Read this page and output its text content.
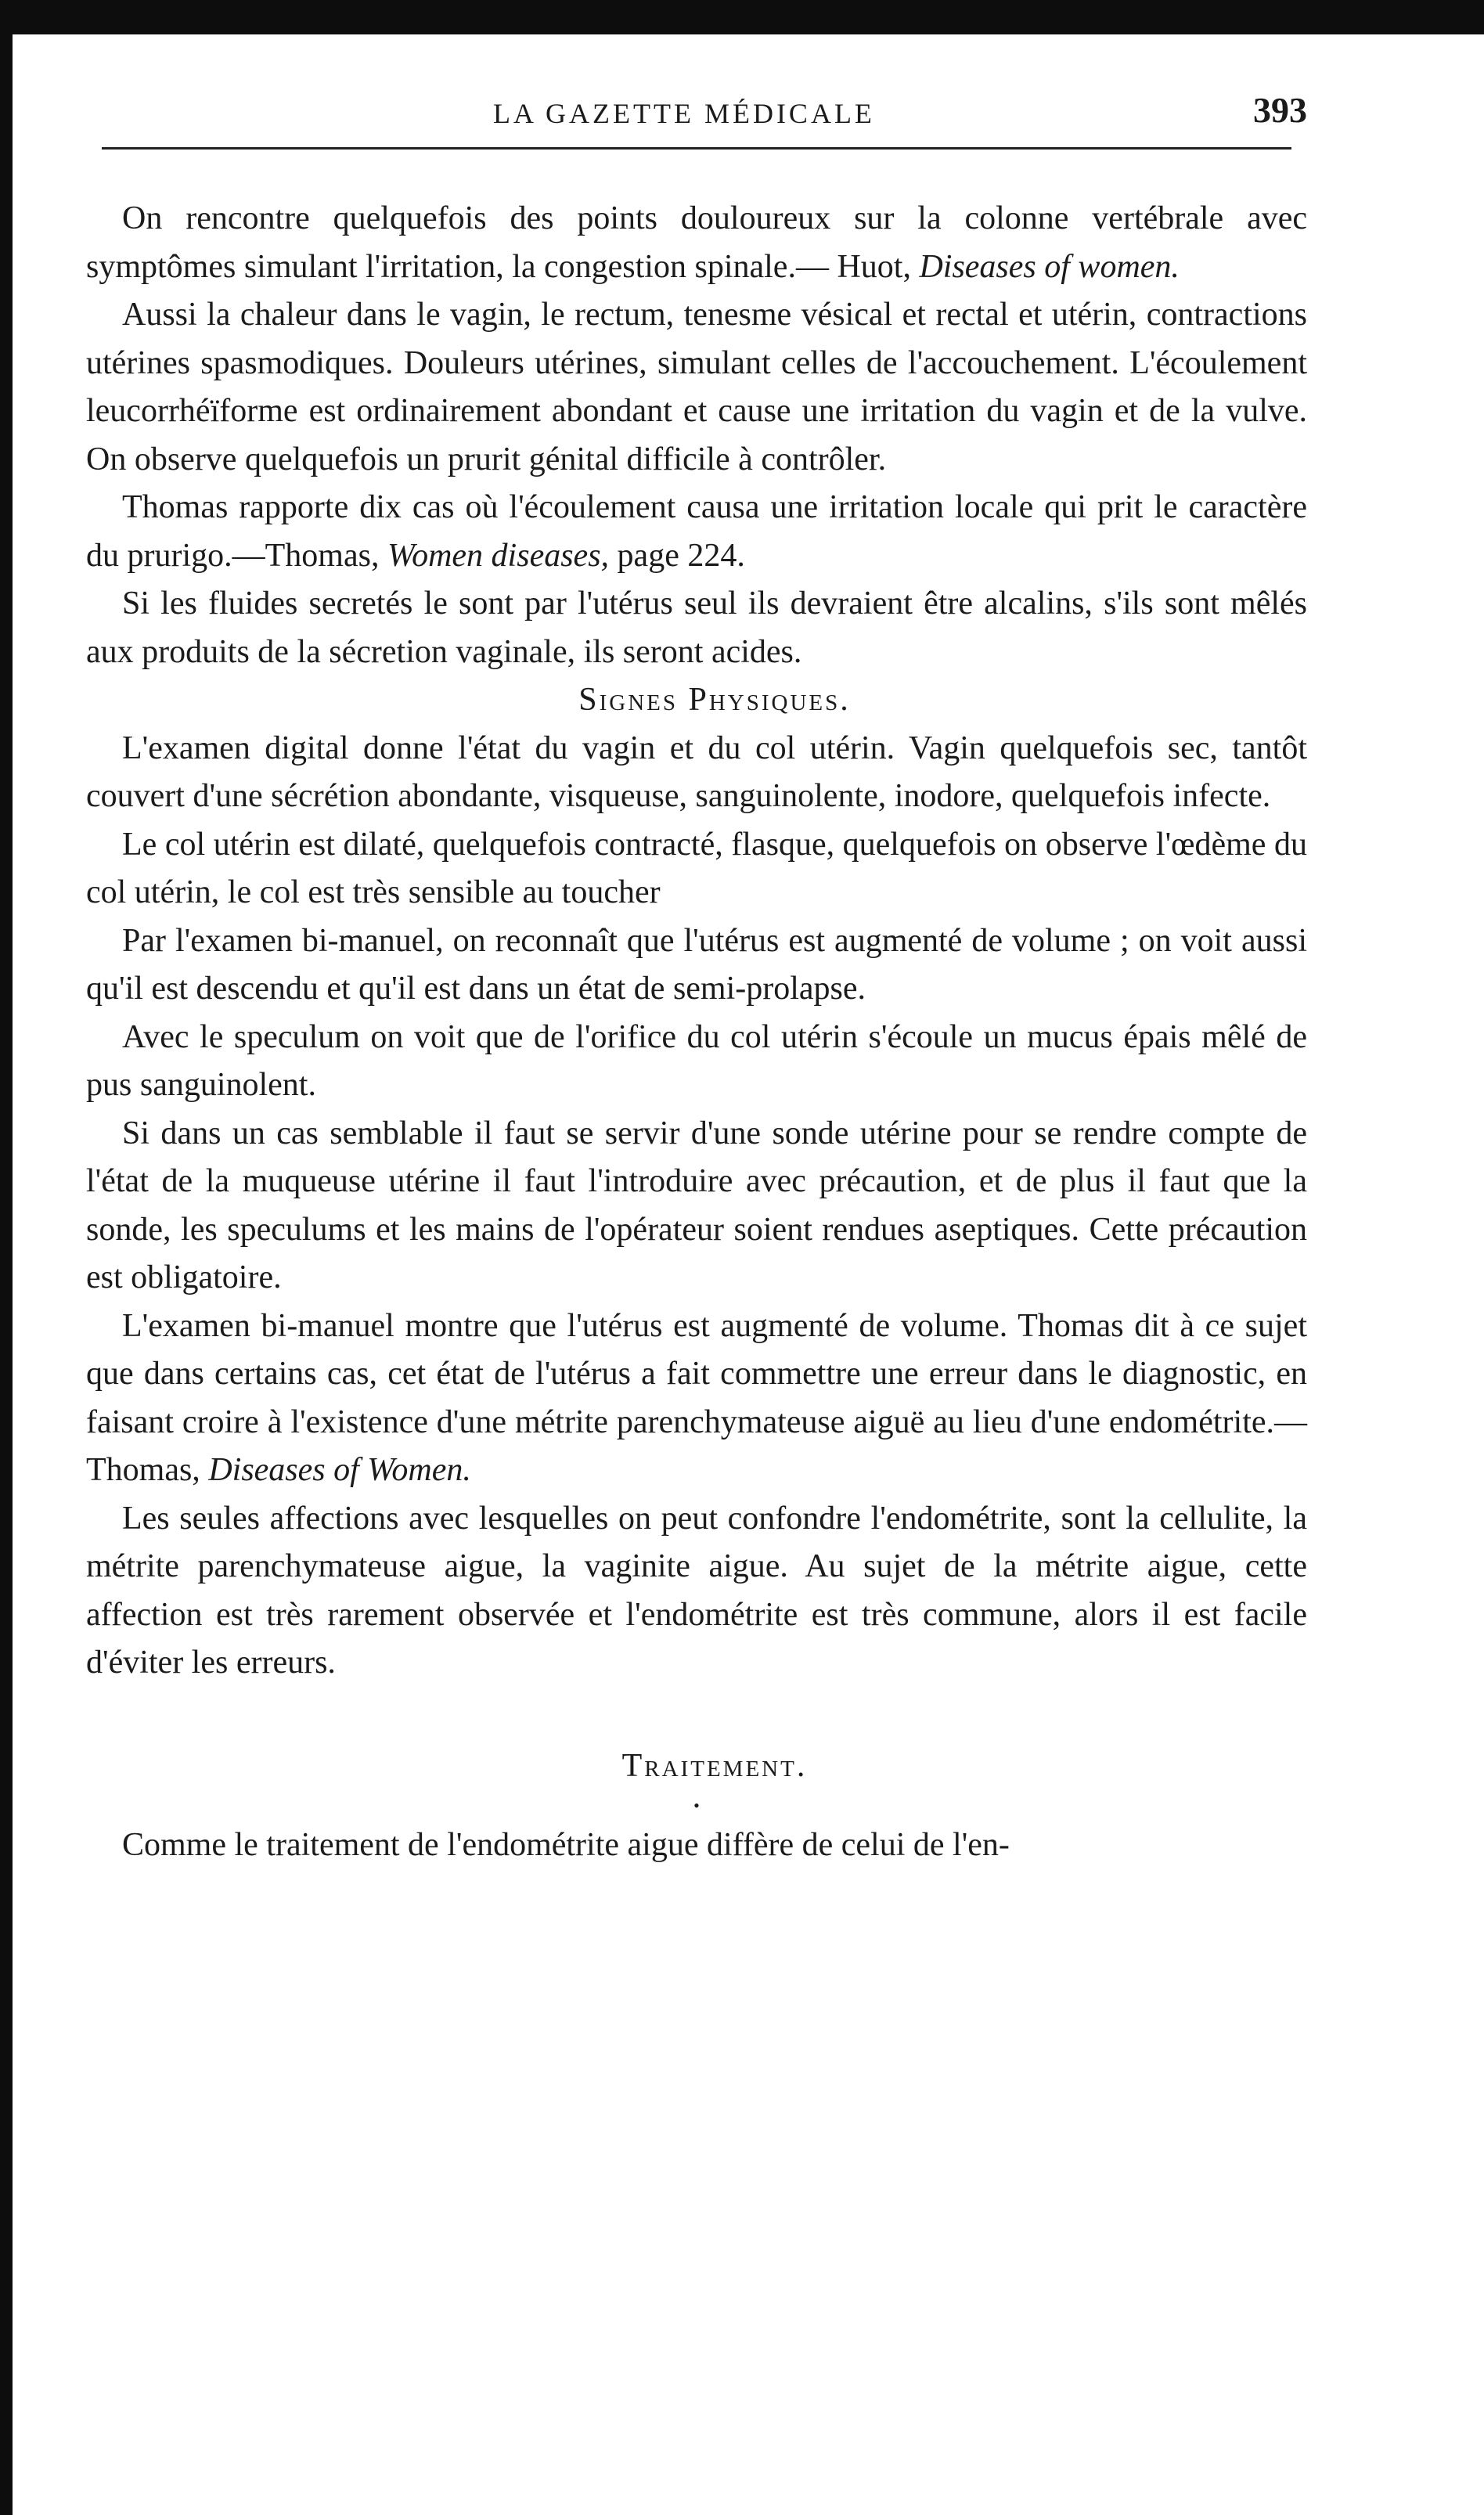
LA GAZETTE MÉDICALE	393

On rencontre quelquefois des points douloureux sur la colonne vertébrale avec symptômes simulant l'irritation, la congestion spinale.— Huot, Diseases of women.

Aussi la chaleur dans le vagin, le rectum, tenesme vésical et rectal et utérin, contractions utérines spasmodiques. Douleurs utérines, simulant celles de l'accouchement. L'écoulement leucorrhéïforme est ordinairement abondant et cause une irritation du vagin et de la vulve. On observe quelquefois un prurit génital difficile à contrôler.

Thomas rapporte dix cas où l'écoulement causa une irritation locale qui prit le caractère du prurigo.—Thomas, Women diseases, page 224.

Si les fluides secretés le sont par l'utérus seul ils devraient être alcalins, s'ils sont mêlés aux produits de la sécretion vaginale, ils seront acides.

Signes Physiques.

L'examen digital donne l'état du vagin et du col utérin. Vagin quelquefois sec, tantôt couvert d'une sécrétion abondante, visqueuse, sanguinolente, inodore, quelquefois infecte.

Le col utérin est dilaté, quelquefois contracté, flasque, quelquefois on observe l'œdème du col utérin, le col est très sensible au toucher

Par l'examen bi-manuel, on reconnaît que l'utérus est augmenté de volume ; on voit aussi qu'il est descendu et qu'il est dans un état de semi-prolapse.

Avec le speculum on voit que de l'orifice du col utérin s'écoule un mucus épais mêlé de pus sanguinolent.

Si dans un cas semblable il faut se servir d'une sonde utérine pour se rendre compte de l'état de la muqueuse utérine il faut l'introduire avec précaution, et de plus il faut que la sonde, les speculums et les mains de l'opérateur soient rendues aseptiques. Cette précaution est obligatoire.

L'examen bi-manuel montre que l'utérus est augmenté de volume. Thomas dit à ce sujet que dans certains cas, cet état de l'utérus a fait commettre une erreur dans le diagnostic, en faisant croire à l'existence d'une métrite parenchymateuse aiguë au lieu d'une endométrite.— Thomas, Diseases of Women.

Les seules affections avec lesquelles on peut confondre l'endométrite, sont la cellulite, la métrite parenchymateuse aigue, la vaginite aigue. Au sujet de la métrite aigue, cette affection est très rarement observée et l'endométrite est très commune, alors il est facile d'éviter les erreurs.

Traitement.

•

Comme le traitement de l'endométrite aigue diffère de celui de l'en-
